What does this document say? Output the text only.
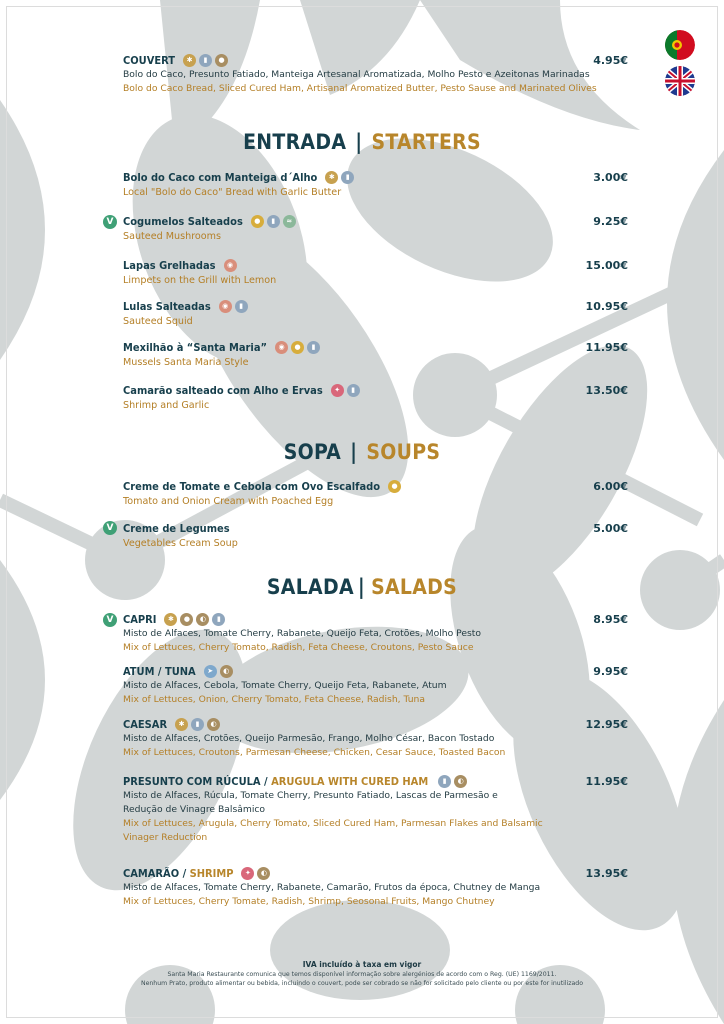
COUVERT	✱	▮	●	4.95€
Bolo do Caco, Presunto Fatiado, Manteiga Artesanal Aromatizada, Molho Pesto e Azeitonas Marinadas
Bolo do Caco Bread, Sliced Cured Ham, Artisanal Aromatized Butter, Pesto Sause and Marinated Olives
ENTRADA | STARTERS
Bolo do Caco com Manteiga d´Alho	✱	▮	3.00€
Local "Bolo do Caco" Bread with Garlic Butter
V Cogumelos Salteados	●	▮	≈	9.25€
Sauteed Mushrooms
Lapas Grelhadas	◉	15.00€
Limpets on the Grill with Lemon
Lulas Salteadas	◉	▮	10.95€
Sauteed Squid
Mexilhão à “Santa Maria”	◉	●	▮	11.95€
Mussels Santa Maria Style
Camarão salteado com Alho e Ervas	✦	▮	13.50€
Shrimp and Garlic
SOPA | SOUPS
Creme de Tomate e Cebola com Ovo Escalfado	●	6.00€
Tomato and Onion Cream with Poached Egg
V Creme de Legumes	5.00€
Vegetables Cream Soup
SALADA | SALADS
V CAPRI	✱	●	◐	▮	8.95€
Misto de Alfaces, Tomate Cherry, Rabanete, Queijo Feta, Crotões, Molho Pesto
Mix of Lettuces, Cherry Tomato, Radish, Feta Cheese, Croutons, Pesto Sauce
ATUM / TUNA	➤	◐	9.95€
Misto de Alfaces, Cebola, Tomate Cherry, Queijo Feta, Rabanete, Atum
Mix of Lettuces, Onion, Cherry Tomato, Feta Cheese, Radish, Tuna
CAESAR	✱	▮	◐	12.95€
Misto de Alfaces, Crotões, Queijo Parmesão, Frango, Molho César, Bacon Tostado
Mix of Lettuces, Croutons, Parmesan Cheese, Chicken, Cesar Sauce, Toasted Bacon
PRESUNTO COM RÚCULA / ARUGULA WITH CURED HAM	▮	◐	11.95€
Misto de Alfaces, Rúcula, Tomate Cherry, Presunto Fatiado, Lascas de Parmesão e
Redução de Vinagre Balsâmico
Mix of Lettuces, Arugula, Cherry Tomato, Sliced Cured Ham, Parmesan Flakes and Balsamic
Vinager Reduction
CAMARÃO / SHRIMP	✦	◐	13.95€
Misto de Alfaces, Tomate Cherry, Rabanete, Camarão, Frutos da época, Chutney de Manga
Mix of Lettuces, Cherry Tomate, Radish, Shrimp, Seosonal Fruits, Mango Chutney
IVA incluído à taxa em vigor
Santa Maria Restaurante comunica que temos disponível informação sobre alergénios de acordo com o Reg. (UE) 1169/2011.
Nenhum Prato, produto alimentar ou bebida, incluindo o couvert, pode ser cobrado se não for solicitado pelo cliente ou por este for inutilizado
